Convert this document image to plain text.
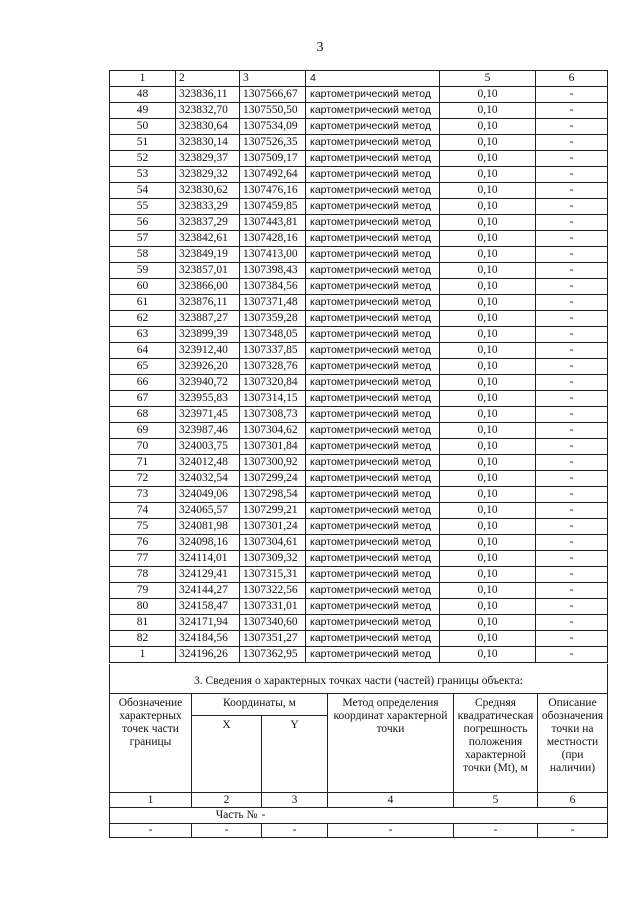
3
1	2	3	4	5	6
48	323836,11	1307566,67	картометрический метод	0,10	-
49	323832,70	1307550,50	картометрический метод	0,10	-
50	323830,64	1307534,09	картометрический метод	0,10	-
51	323830,14	1307526,35	картометрический метод	0,10	-
52	323829,37	1307509,17	картометрический метод	0,10	-
53	323829,32	1307492,64	картометрический метод	0,10	-
54	323830,62	1307476,16	картометрический метод	0,10	-
55	323833,29	1307459,85	картометрический метод	0,10	-
56	323837,29	1307443,81	картометрический метод	0,10	-
57	323842,61	1307428,16	картометрический метод	0,10	-
58	323849,19	1307413,00	картометрический метод	0,10	-
59	323857,01	1307398,43	картометрический метод	0,10	-
60	323866,00	1307384,56	картометрический метод	0,10	-
61	323876,11	1307371,48	картометрический метод	0,10	-
62	323887,27	1307359,28	картометрический метод	0,10	-
63	323899,39	1307348,05	картометрический метод	0,10	-
64	323912,40	1307337,85	картометрический метод	0,10	-
65	323926,20	1307328,76	картометрический метод	0,10	-
66	323940,72	1307320,84	картометрический метод	0,10	-
67	323955,83	1307314,15	картометрический метод	0,10	-
68	323971,45	1307308,73	картометрический метод	0,10	-
69	323987,46	1307304,62	картометрический метод	0,10	-
70	324003,75	1307301,84	картометрический метод	0,10	-
71	324012,48	1307300,92	картометрический метод	0,10	-
72	324032,54	1307299,24	картометрический метод	0,10	-
73	324049,06	1307298,54	картометрический метод	0,10	-
74	324065,57	1307299,21	картометрический метод	0,10	-
75	324081,98	1307301,24	картометрический метод	0,10	-
76	324098,16	1307304,61	картометрический метод	0,10	-
77	324114,01	1307309,32	картометрический метод	0,10	-
78	324129,41	1307315,31	картометрический метод	0,10	-
79	324144,27	1307322,56	картометрический метод	0,10	-
80	324158,47	1307331,01	картометрический метод	0,10	-
81	324171,94	1307340,60	картометрический метод	0,10	-
82	324184,56	1307351,27	картометрический метод	0,10	-
1	324196,26	1307362,95	картометрический метод	0,10	-
3. Сведения о характерных точках части (частей) границы объекта:					
Обозначение характерных точек части границы	Координаты, м		Метод определения координат характерной точки	Средняя квадратическая погрешность положения характерной точки (Mt), м	Описание обозначения точки на местности (при наличии)
	X	Y			
1	2	3	4	5	6
	Часть №	-			
-	-	-	-	-	-
